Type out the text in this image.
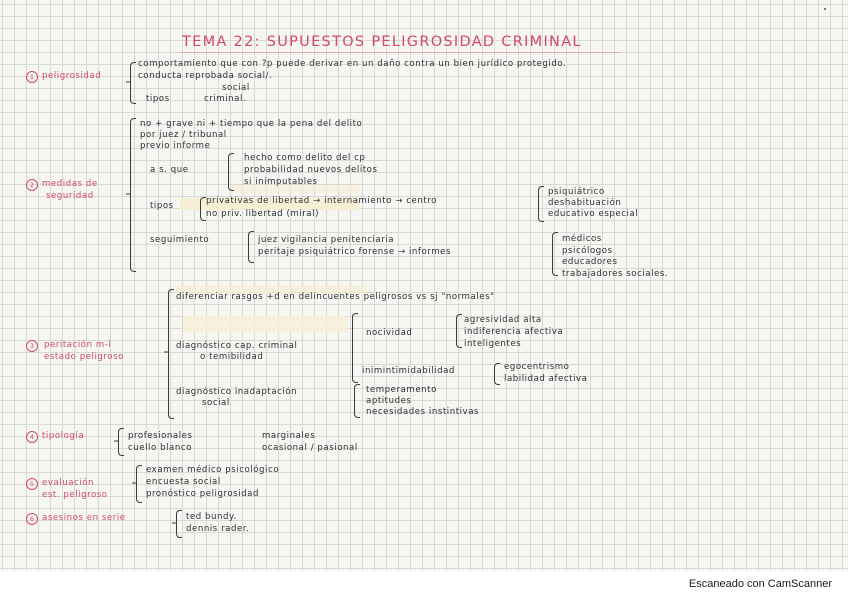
TEMA 22: SUPUESTOS PELIGROSIDAD CRIMINAL
1 peligrosidad
comportamiento que con ?p puede derivar en un daño contra un bien jurídico protegido.
conducta reprobada social/.
social
tipos	criminal.
2 medidas de
seguridad
no + grave ni + tiempo que la pena del delito
por juez / tribunal
previo informe
a s. que
hecho como delito del cp
probabilidad nuevos delitos
si inimputables
tipos	privativas de libertad → internamiento → centro
no priv. libertad (miral)
psiquiátrico
deshabituación
educativo especial
seguimiento	juez vigilancia penitenciaria
peritaje psiquiátrico forense → informes
médicos
psicólogos
educadores
trabajadores sociales.
3	peritación m-l
estado peligroso
diferenciar rasgos +d en delincuentes peligrosos vs sj "normales"
diagnóstico cap. criminal
o temibilidad
nocividad
agresividad alta
indiferencia afectiva
inteligentes
inimintimidabilidad	egocentrismo
labilidad afectiva
diagnóstico inadaptación
social
temperamento
aptitudes
necesidades instintivas
4 tipología	profesionales
cuello blanco
marginales
ocasional / pasional
5 evaluación
est. peligroso
examen médico psicológico
encuesta social
pronóstico peligrosidad
6 asesinos en serie	ted bundy.
dennis rader.
Escaneado con CamScanner
